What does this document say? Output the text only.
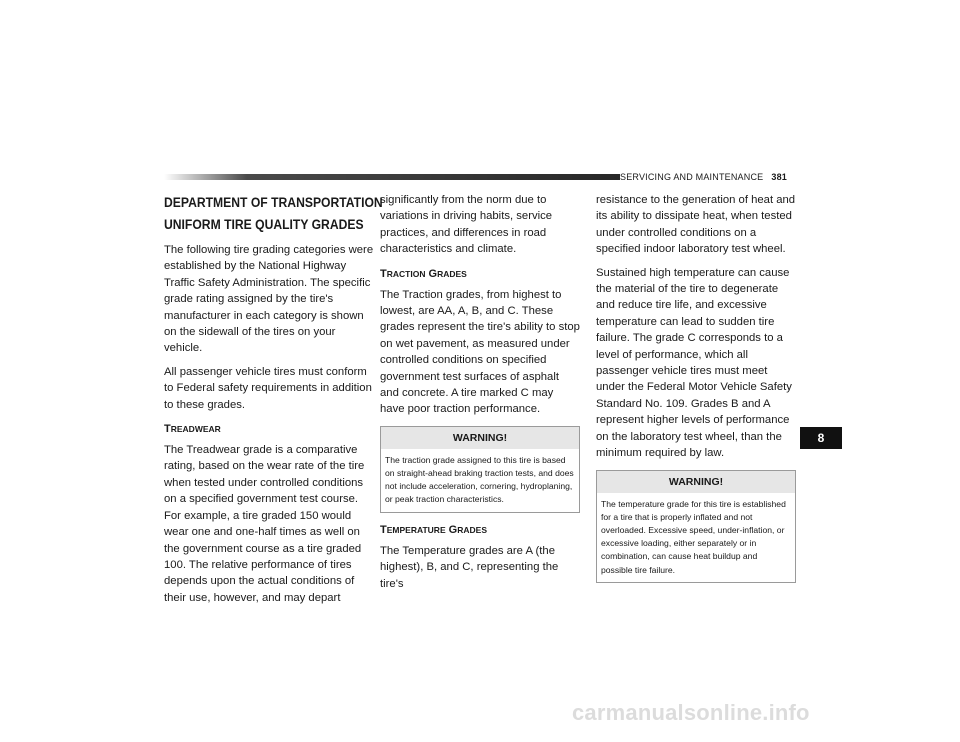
SERVICING AND MAINTENANCE 381
DEPARTMENT OF TRANSPORTATION
UNIFORM TIRE QUALITY GRADES

The following tire grading categories were established by the National Highway Traffic Safety Administration. The specific grade rating assigned by the tire's manufacturer in each category is shown on the sidewall of the tires on your vehicle.

All passenger vehicle tires must conform to Federal safety requirements in addition to these grades.

TREADWEAR

The Treadwear grade is a comparative rating, based on the wear rate of the tire when tested under controlled conditions on a specified government test course. For example, a tire graded 150 would wear one and one-half times as well on the government course as a tire graded 100. The relative performance of tires depends upon the actual conditions of their use, however, and may depart

significantly from the norm due to variations in driving habits, service practices, and differences in road characteristics and climate.

TRACTION GRADES

The Traction grades, from highest to lowest, are AA, A, B, and C. These grades represent the tire's ability to stop on wet pavement, as measured under controlled conditions on specified government test surfaces of asphalt and concrete. A tire marked C may have poor traction performance.

WARNING!
The traction grade assigned to this tire is based on straight-ahead braking traction tests, and does not include acceleration, cornering, hydroplaning, or peak traction characteristics.
TEMPERATURE GRADES

The Temperature grades are A (the highest), B, and C, representing the tire's

resistance to the generation of heat and its ability to dissipate heat, when tested under controlled conditions on a specified indoor laboratory test wheel.

Sustained high temperature can cause the material of the tire to degenerate and reduce tire life, and excessive temperature can lead to sudden tire failure. The grade C corresponds to a level of performance, which all passenger vehicle tires must meet under the Federal Motor Vehicle Safety Standard No. 109. Grades B and A represent higher levels of performance on the laboratory test wheel, than the minimum required by law.

WARNING!
The temperature grade for this tire is established for a tire that is properly inflated and not overloaded. Excessive speed, under-inflation, or excessive loading, either separately or in combination, can cause heat buildup and possible tire failure.
8
carmanualsonline.info
